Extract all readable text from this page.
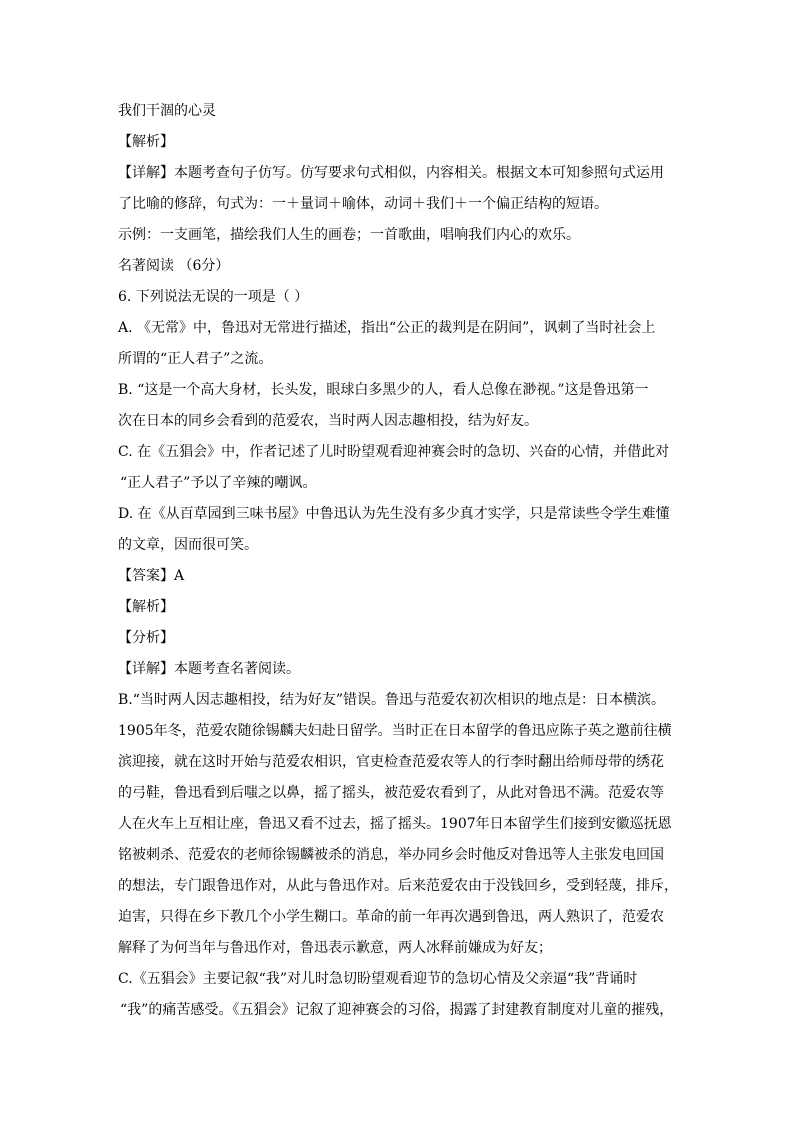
我们干涸的心灵
【解析】
【详解】本题考查句子仿写。仿写要求句式相似，内容相关。根据文本可知参照句式运用
了比喻的修辞，句式为：一＋量词＋喻体，动词＋我们＋一个偏正结构的短语。
示例：一支画笔，描绘我们人生的画卷；一首歌曲，唱响我们内心的欢乐。
名著阅读 （6分）
6. 下列说法无误的一项是（ ）
A. 《无常》中，鲁迅对无常进行描述，指出“公正的裁判是在阴间”，讽刺了当时社会上
所谓的“正人君子”之流。
B. “这是一个高大身材，长头发，眼球白多黑少的人，看人总像在渺视。”这是鲁迅第一
次在日本的同乡会看到的范爱农，当时两人因志趣相投，结为好友。
C. 在《五猖会》中，作者记述了儿时盼望观看迎神赛会时的急切、兴奋的心情，并借此对
“正人君子”予以了辛辣的嘲讽。
D. 在《从百草园到三味书屋》中鲁迅认为先生没有多少真才实学，只是常读些令学生难懂
的文章，因而很可笑。
【答案】A
【解析】
【分析】
【详解】本题考查名著阅读。
B.“当时两人因志趣相投，结为好友”错误。鲁迅与范爱农初次相识的地点是：日本横滨。
1905年冬，范爱农随徐锡麟夫妇赴日留学。当时正在日本留学的鲁迅应陈子英之邀前往横
滨迎接，就在这时开始与范爱农相识，官吏检查范爱农等人的行李时翻出给师母带的绣花
的弓鞋，鲁迅看到后嗤之以鼻，摇了摇头，被范爱农看到了，从此对鲁迅不满。范爱农等
人在火车上互相让座，鲁迅又看不过去，摇了摇头。1907年日本留学生们接到安徽巡抚恩
铭被刺杀、范爱农的老师徐锡麟被杀的消息，举办同乡会时他反对鲁迅等人主张发电回国
的想法，专门跟鲁迅作对，从此与鲁迅作对。后来范爱农由于没钱回乡，受到轻蔑，排斥，
迫害，只得在乡下教几个小学生糊口。革命的前一年再次遇到鲁迅，两人熟识了，范爱农
解释了为何当年与鲁迅作对，鲁迅表示歉意，两人冰释前嫌成为好友；
C.《五猖会》主要记叙“我”对儿时急切盼望观看迎节的急切心情及父亲逼“我”背诵时
“我”的痛苦感受。《五猖会》记叙了迎神赛会的习俗，揭露了封建教育制度对儿童的摧残，
